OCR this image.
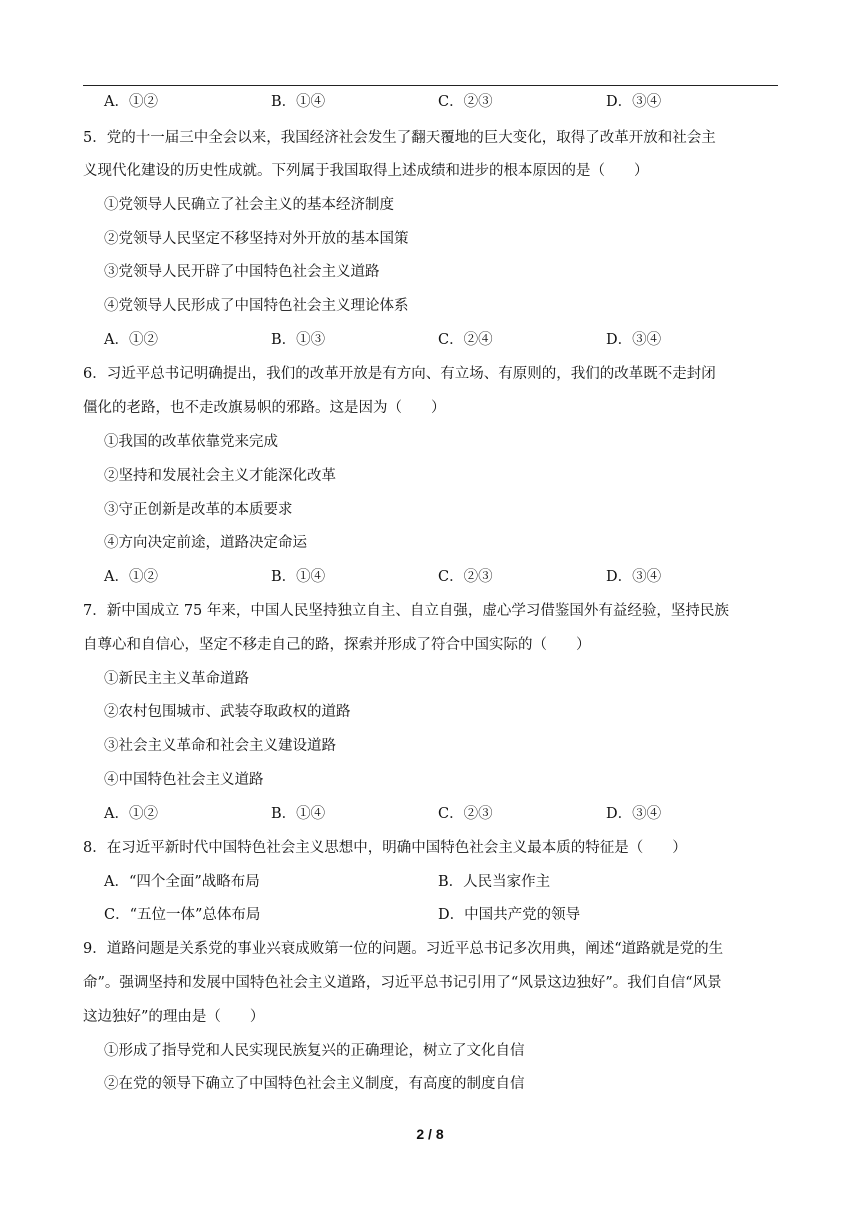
A．①②	B．①④	C．②③	D．③④
5．党的十一届三中全会以来，我国经济社会发生了翻天覆地的巨大变化，取得了改革开放和社会主
义现代化建设的历史性成就。下列属于我国取得上述成绩和进步的根本原因的是（　　）
①党领导人民确立了社会主义的基本经济制度
②党领导人民坚定不移坚持对外开放的基本国策
③党领导人民开辟了中国特色社会主义道路
④党领导人民形成了中国特色社会主义理论体系
A．①②	B．①③	C．②④	D．③④
6．习近平总书记明确提出，我们的改革开放是有方向、有立场、有原则的，我们的改革既不走封闭
僵化的老路，也不走改旗易帜的邪路。这是因为（　　）
①我国的改革依靠党来完成
②坚持和发展社会主义才能深化改革
③守正创新是改革的本质要求
④方向决定前途，道路决定命运
A．①②	B．①④	C．②③	D．③④
7．新中国成立 75 年来，中国人民坚持独立自主、自立自强，虚心学习借鉴国外有益经验，坚持民族
自尊心和自信心，坚定不移走自己的路，探索并形成了符合中国实际的（　　）
①新民主主义革命道路
②农村包围城市、武装夺取政权的道路
③社会主义革命和社会主义建设道路
④中国特色社会主义道路
A．①②	B．①④	C．②③	D．③④
8．在习近平新时代中国特色社会主义思想中，明确中国特色社会主义最本质的特征是（　　）
A．“四个全面”战略布局	B．人民当家作主
C．“五位一体”总体布局	D．中国共产党的领导
9．道路问题是关系党的事业兴衰成败第一位的问题。习近平总书记多次用典，阐述“道路就是党的生
命”。强调坚持和发展中国特色社会主义道路，习近平总书记引用了“风景这边独好”。我们自信“风景
这边独好”的理由是（　　）
①形成了指导党和人民实现民族复兴的正确理论，树立了文化自信
②在党的领导下确立了中国特色社会主义制度，有高度的制度自信
2 / 8
